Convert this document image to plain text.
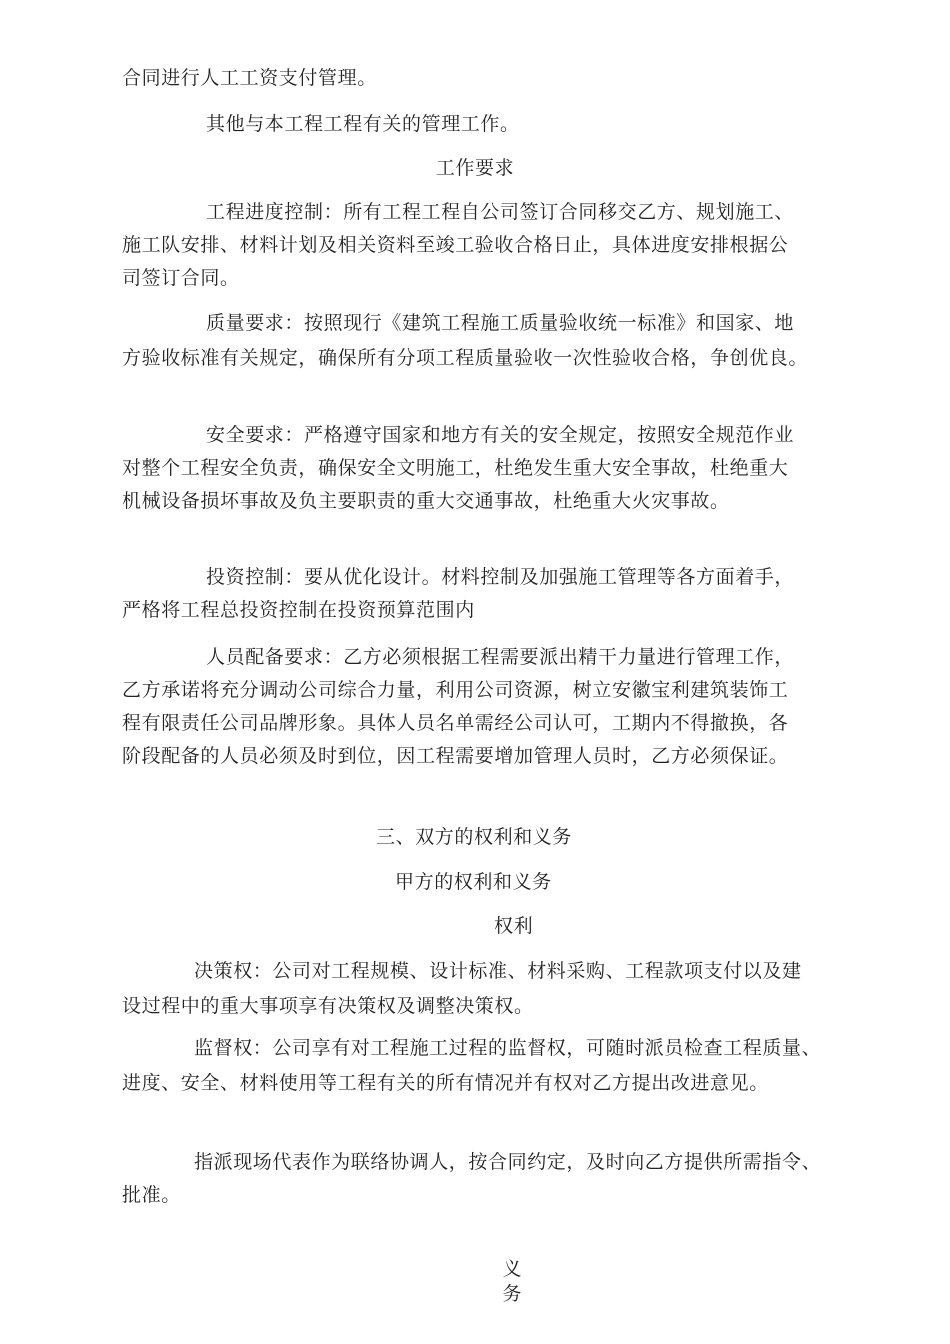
合同进行人工工资支付管理。
其他与本工程工程有关的管理工作。
工作要求
工程进度控制：所有工程工程自公司签订合同移交乙方、规划施工、
施工队安排、材料计划及相关资料至竣工验收合格日止，具体进度安排根据公
司签订合同。
质量要求：按照现行《建筑工程施工质量验收统一标准》和国家、地
方验收标准有关规定，确保所有分项工程质量验收一次性验收合格，争创优良。
安全要求：严格遵守国家和地方有关的安全规定，按照安全规范作业
对整个工程安全负责，确保安全文明施工，杜绝发生重大安全事故，杜绝重大
机械设备损坏事故及负主要职责的重大交通事故，杜绝重大火灾事故。
投资控制：要从优化设计。材料控制及加强施工管理等各方面着手，
严格将工程总投资控制在投资预算范围内
人员配备要求：乙方必须根据工程需要派出精干力量进行管理工作，
乙方承诺将充分调动公司综合力量，利用公司资源，树立安徽宝利建筑装饰工
程有限责任公司品牌形象。具体人员名单需经公司认可，工期内不得撤换，各
阶段配备的人员必须及时到位，因工程需要增加管理人员时，乙方必须保证。
三、双方的权利和义务
甲方的权利和义务
权利
决策权：公司对工程规模、设计标准、材料采购、工程款项支付以及建
设过程中的重大事项享有决策权及调整决策权。
监督权：公司享有对工程施工过程的监督权，可随时派员检查工程质量、
进度、安全、材料使用等工程有关的所有情况并有权对乙方提出改进意见。
指派现场代表作为联络协调人，按合同约定，及时向乙方提供所需指令、
批准。
义
务
